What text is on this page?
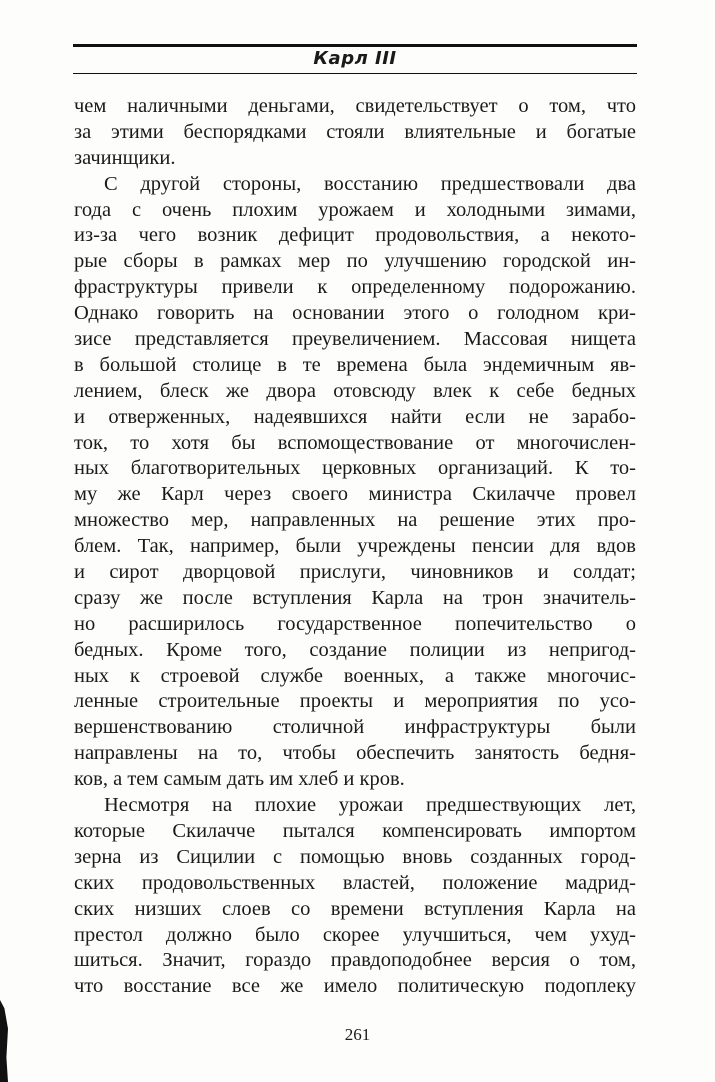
Карл III
чем наличными деньгами, свидетельствует о том, что
за этими беспорядками стояли влиятельные и богатые
зачинщики.
С другой стороны, восстанию предшествовали два
года с очень плохим урожаем и холодными зимами,
из-за чего возник дефицит продовольствия, а некото-
рые сборы в рамках мер по улучшению городской ин-
фраструктуры привели к определенному подорожанию.
Однако говорить на основании этого о голодном кри-
зисе представляется преувеличением. Массовая нищета
в большой столице в те времена была эндемичным яв-
лением, блеск же двора отовсюду влек к себе бедных
и отверженных, надеявшихся найти если не зарабо-
ток, то хотя бы вспомоществование от многочислен-
ных благотворительных церковных организаций. К то-
му же Карл через своего министра Скилаччe провел
множество мер, направленных на решение этих про-
блем. Так, например, были учреждены пенсии для вдов
и сирот дворцовой прислуги, чиновников и солдат;
сразу же после вступления Карла на трон значитель-
но расширилось государственное попечительство о
бедных. Кроме того, создание полиции из непригод-
ных к строевой службе военных, а также многочис-
ленные строительные проекты и мероприятия по усо-
вершенствованию столичной инфраструктуры были
направлены на то, чтобы обеспечить занятость бедня-
ков, а тем самым дать им хлеб и кров.
Несмотря на плохие урожаи предшествующих лет,
которые Скилаччe пытался компенсировать импортом
зерна из Сицилии с помощью вновь созданных город-
ских продовольственных властей, положение мадрид-
ских низших слоев со времени вступления Карла на
престол должно было скорее улучшиться, чем ухуд-
шиться. Значит, гораздо правдоподобнее версия о том,
что восстание все же имело политическую подоплеку
261
